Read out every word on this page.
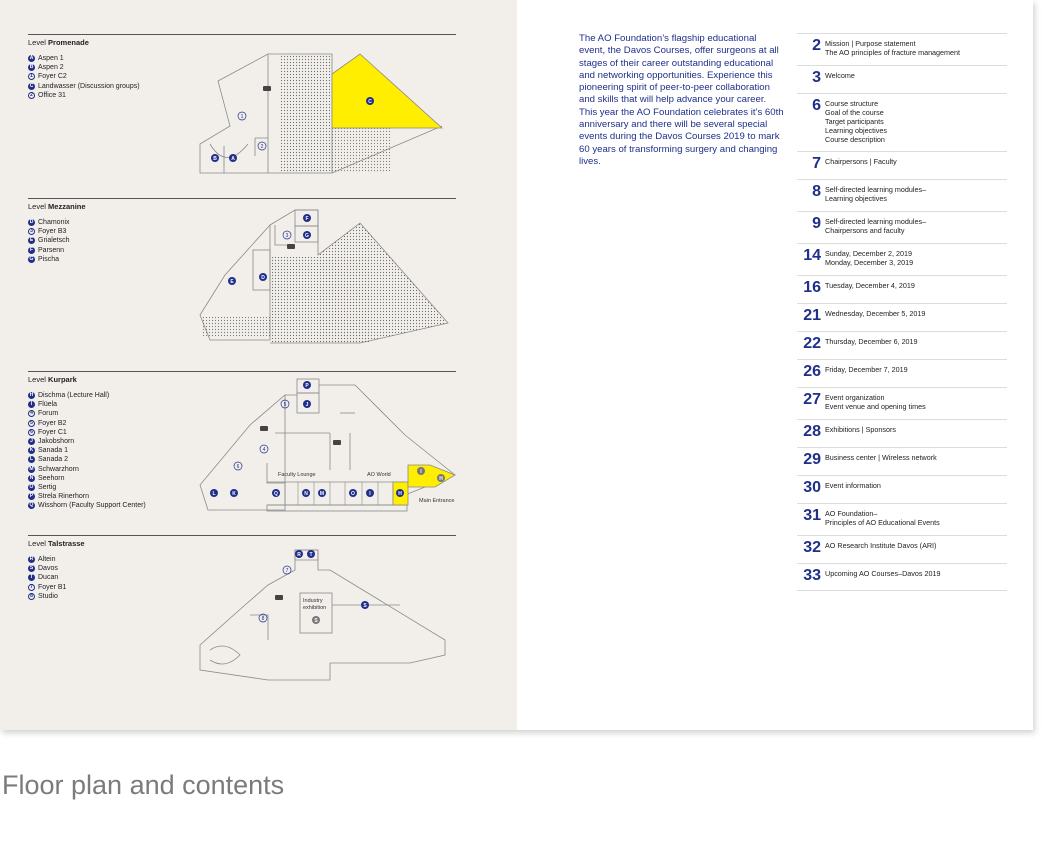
Level Promenade
A Aspen 1
B Aspen 2
1 Foyer C2
C Landwasser (Discussion groups)
2 Office 31
C
1
2
B	A
Level Mezzanine
D Chamonix
3 Foyer B3
E Grialetsch
F Parsenn
G Pischa
F
G
3
D
E
Level Kurpark
H Dischma (Lecture Hall)
I Flüela
4 Forum
5 Foyer B2
6 Foyer C1
J Jakobshorn
K Sanada 1
L Sanada 2
M Schwarzhorn
N Seehorn
O Sertig
P Strela Rinerhorn
Q Wisshorn (Faculty Support Center)
P
5	J
4
6
L	K	Q	N M	O	I	H
I
H
Faculty Lounge	AO World
Main Entrance
Level Talstrasse
R Altein
S Davos
T Ducan
7 Foyer B1
8 Studio
R T
7
8
S
S
Industry
exhibition

The AO Foundation’s flagship educational event, the Davos Courses, offer surgeons at all stages of their career outstanding educational and networking opportunities. Experience this pioneering spirit of peer-to-peer collaboration and skills that will help advance your career. This year the AO Foundation celebrates it’s 60th anniversary and there will be several special events during the Davos Courses 2019 to mark 60 years of transforming surgery and changing lives.

2 Mission | Purpose statement
The AO principles of fracture management
3 Welcome
6 Course structure
Goal of the course
Target participants
Learning objectives
Course description
7 Chairpersons | Faculty
8 Self-directed learning modules–
Learning objectives
9 Self-directed learning modules–
Chairpersons and faculty
14 Sunday, December 2, 2019
Monday, December 3, 2019
16 Tuesday, December 4, 2019
21 Wednesday, December 5, 2019
22 Thursday, December 6, 2019
26 Friday, December 7, 2019
27 Event organization
Event venue and opening times
28 Exhibitions | Sponsors
29 Business center | Wireless network
30 Event information
31 AO Foundation–
Principles of AO Educational Events
32 AO Research Institute Davos (ARI)
33 Upcoming AO Courses–Davos 2019
Floor plan and contents
